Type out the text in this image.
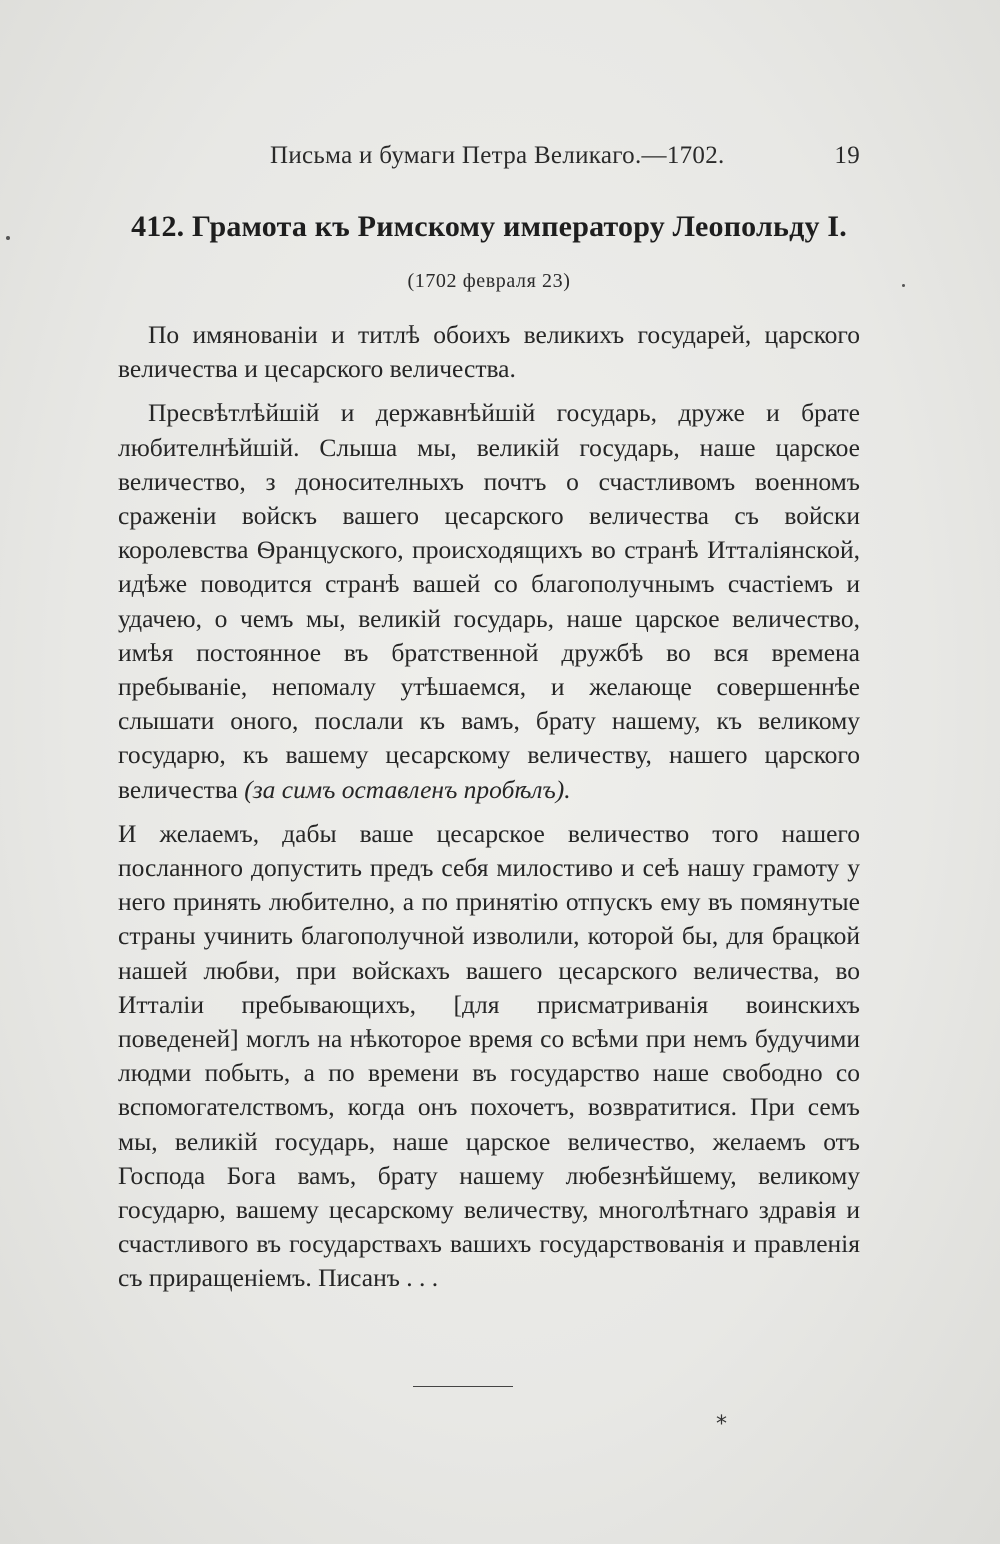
Письма и бумаги Петра Великаго.—1702.	19
412. Грамота къ Римскому императору Леопольду I.
(1702 февраля 23)

По имянованiи и титлѣ обоихъ великихъ государей, царского величества и цесарского величества.

Пресвѣтлѣйшiй и державнѣйшiй государь, друже и брате любителнѣйшiй. Слыша мы, великiй государь, наше царское величество, з доносителныхъ почтъ о счастливомъ военномъ сраженiи войскъ вашего цесарского величества съ войски королевства Ѳранцуского, происходящихъ во странѣ Итталiянской, идѣже поводится странѣ вашей со благополучнымъ счастiемъ и удачею, о чемъ мы, великiй государь, наше царское величество, имѣя постоянное въ братственной дружбѣ во вся времена пребыванiе, непомалу утѣшаемся, и желающе совершеннѣе слышати оного, послали къ вамъ, брату нашему, къ великому государю, къ вашему цесарскому величеству, нашего царского величества (за симъ оставленъ пробѣлъ).

И желаемъ, дабы ваше цесарское величество того нашего посланного допустить предъ себя милостиво и сеѣ нашу грамоту у него принять любително, а по принятiю отпускъ ему въ помянутые страны учинить благополучной изволили, которой бы, для брацкой нашей любви, при войскахъ вашего цесарского величества, во Итталiи пребывающихъ, [для присматриванiя воинскихъ поведеней] моглъ на нѣкоторое время со всѣми при немъ будучими людми побыть, а по времени въ государство наше свободно со вспомогателствомъ, когда онъ похочетъ, возвратитися. При семъ мы, великiй государь, наше царское величество, желаемъ отъ Господа Бога вамъ, брату нашему любезнѣйшему, великому государю, вашему цесарскому величеству, многолѣтнаго здравiя и счастливого въ государствахъ вашихъ государствованiя и правленiя съ приращенiемъ. Писанъ . . .

*
